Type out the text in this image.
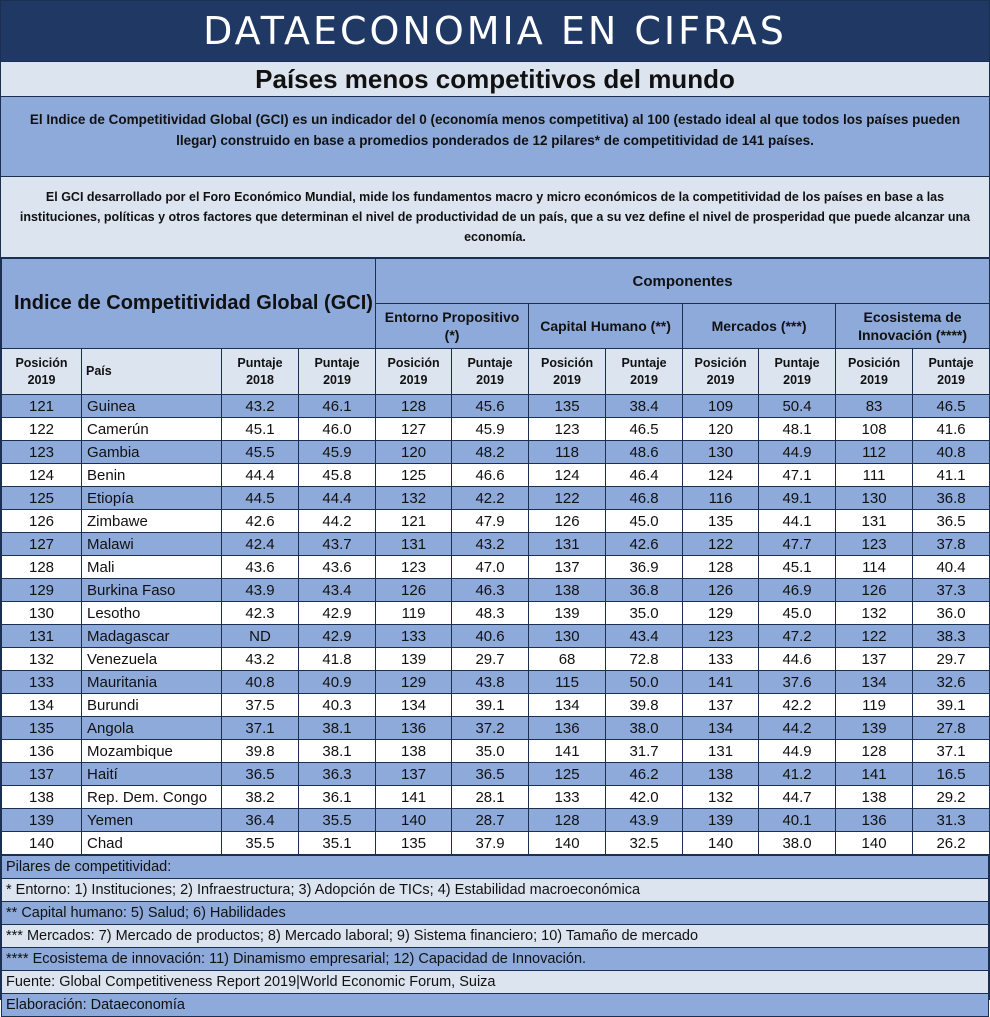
DATAECONOMIA EN CIFRAS
Países menos competitivos del mundo
El Indice de Competitividad Global (GCI) es un indicador del 0 (economía menos competitiva) al 100 (estado ideal al que todos los países pueden llegar) construido en base a promedios ponderados de 12 pilares* de competitividad de 141 países.
El GCI desarrollado por el Foro Económico Mundial, mide los fundamentos macro y micro económicos de la competitividad de los países en base a las instituciones, políticas y otros factores que determinan el nivel de productividad de un país, que a su vez define el nivel de prosperidad que puede alcanzar una economía.
Indice de Competitividad Global (GCI)				Componentes							
				Entorno Propositivo (*)		Capital Humano (**)		Mercados (***)		Ecosistema de Innovación (****)	
Posición 2019	País	Puntaje 2018	Puntaje 2019	Posición 2019	Puntaje 2019	Posición 2019	Puntaje 2019	Posición 2019	Puntaje 2019	Posición 2019	Puntaje 2019
121	Guinea	43.2	46.1	128	45.6	135	38.4	109	50.4	83	46.5
122	Camerún	45.1	46.0	127	45.9	123	46.5	120	48.1	108	41.6
123	Gambia	45.5	45.9	120	48.2	118	48.6	130	44.9	112	40.8
124	Benin	44.4	45.8	125	46.6	124	46.4	124	47.1	111	41.1
125	Etiopía	44.5	44.4	132	42.2	122	46.8	116	49.1	130	36.8
126	Zimbawe	42.6	44.2	121	47.9	126	45.0	135	44.1	131	36.5
127	Malawi	42.4	43.7	131	43.2	131	42.6	122	47.7	123	37.8
128	Mali	43.6	43.6	123	47.0	137	36.9	128	45.1	114	40.4
129	Burkina Faso	43.9	43.4	126	46.3	138	36.8	126	46.9	126	37.3
130	Lesotho	42.3	42.9	119	48.3	139	35.0	129	45.0	132	36.0
131	Madagascar	ND	42.9	133	40.6	130	43.4	123	47.2	122	38.3
132	Venezuela	43.2	41.8	139	29.7	68	72.8	133	44.6	137	29.7
133	Mauritania	40.8	40.9	129	43.8	115	50.0	141	37.6	134	32.6
134	Burundi	37.5	40.3	134	39.1	134	39.8	137	42.2	119	39.1
135	Angola	37.1	38.1	136	37.2	136	38.0	134	44.2	139	27.8
136	Mozambique	39.8	38.1	138	35.0	141	31.7	131	44.9	128	37.1
137	Haití	36.5	36.3	137	36.5	125	46.2	138	41.2	141	16.5
138	Rep. Dem. Congo	38.2	36.1	141	28.1	133	42.0	132	44.7	138	29.2
139	Yemen	36.4	35.5	140	28.7	128	43.9	139	40.1	136	31.3
140	Chad	35.5	35.1	135	37.9	140	32.5	140	38.0	140	26.2
Pilares de competitividad:
* Entorno: 1) Instituciones; 2) Infraestructura; 3) Adopción de TICs; 4) Estabilidad macroeconómica
** Capital humano: 5) Salud; 6) Habilidades
*** Mercados: 7) Mercado de productos; 8) Mercado laboral; 9) Sistema financiero; 10) Tamaño de mercado
**** Ecosistema de innovación: 11) Dinamismo empresarial; 12) Capacidad de Innovación.
Fuente: Global Competitiveness Report 2019|World Economic Forum, Suiza
Elaboración: Dataeconomía
